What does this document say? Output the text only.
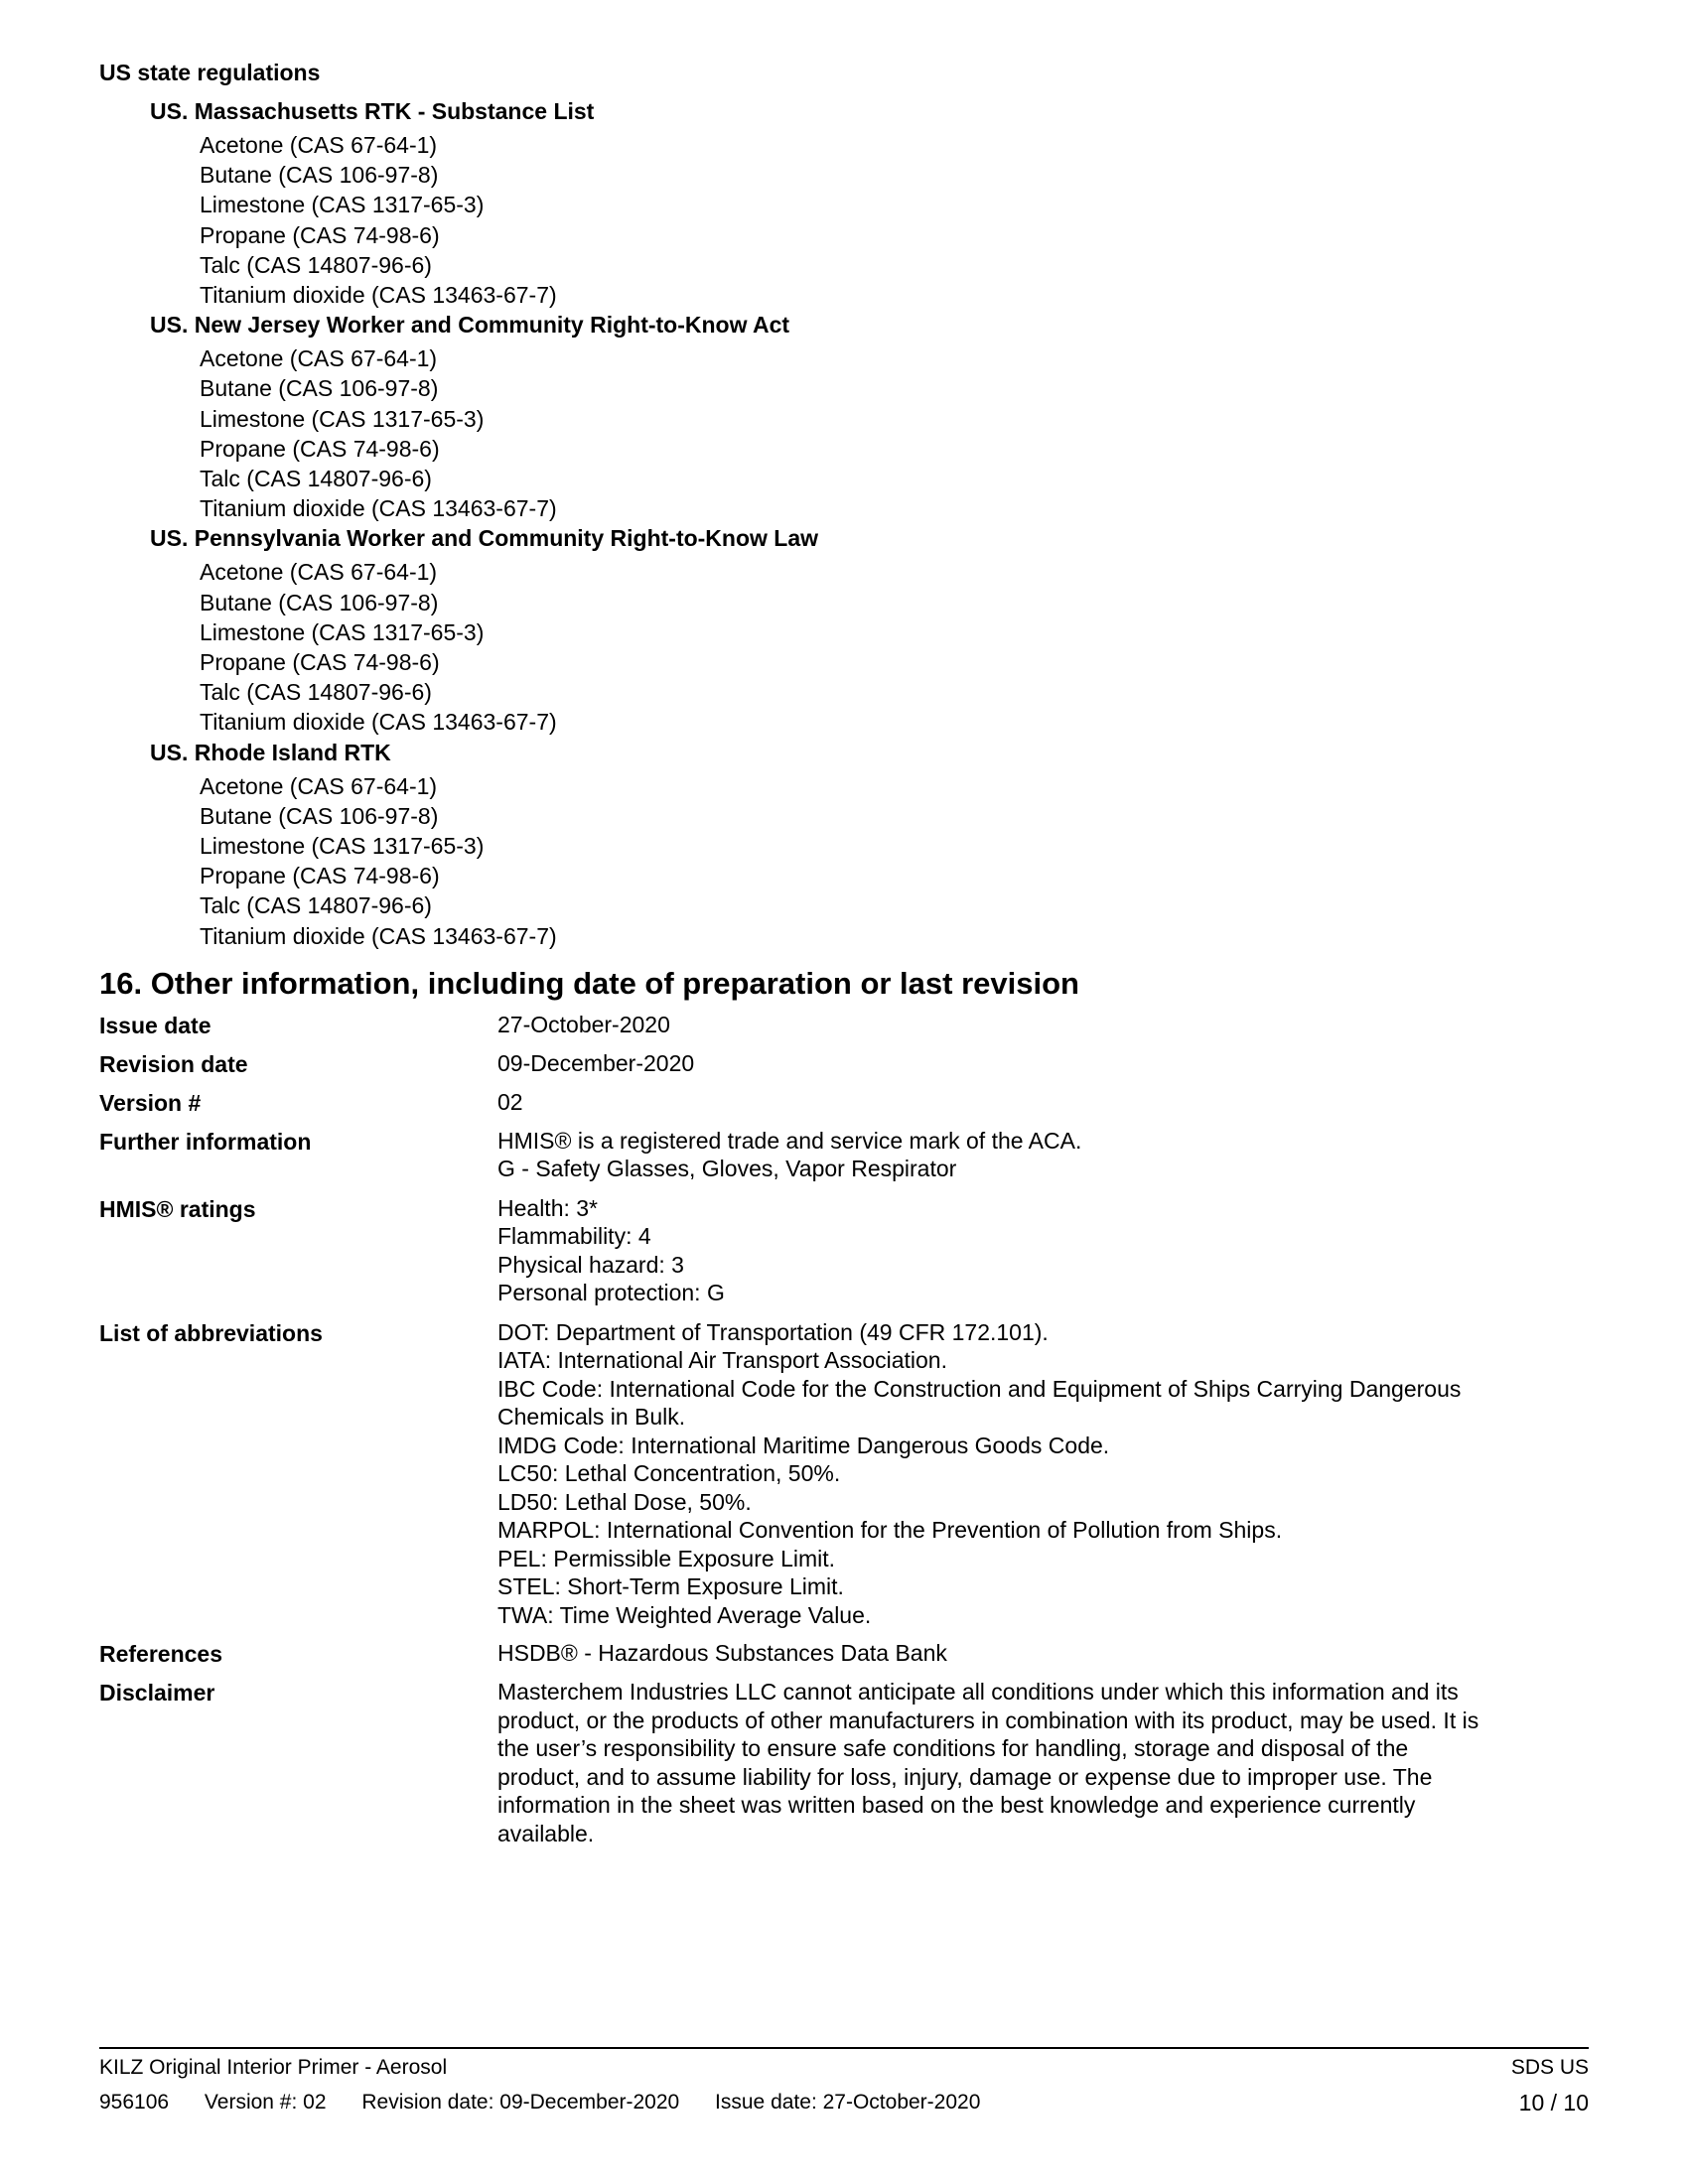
US state regulations
US. Massachusetts RTK - Substance List
Acetone (CAS 67-64-1)
Butane (CAS 106-97-8)
Limestone (CAS 1317-65-3)
Propane (CAS 74-98-6)
Talc (CAS 14807-96-6)
Titanium dioxide (CAS 13463-67-7)
US. New Jersey Worker and Community Right-to-Know Act
Acetone (CAS 67-64-1)
Butane (CAS 106-97-8)
Limestone (CAS 1317-65-3)
Propane (CAS 74-98-6)
Talc (CAS 14807-96-6)
Titanium dioxide (CAS 13463-67-7)
US. Pennsylvania Worker and Community Right-to-Know Law
Acetone (CAS 67-64-1)
Butane (CAS 106-97-8)
Limestone (CAS 1317-65-3)
Propane (CAS 74-98-6)
Talc (CAS 14807-96-6)
Titanium dioxide (CAS 13463-67-7)
US. Rhode Island RTK
Acetone (CAS 67-64-1)
Butane (CAS 106-97-8)
Limestone (CAS 1317-65-3)
Propane (CAS 74-98-6)
Talc (CAS 14807-96-6)
Titanium dioxide (CAS 13463-67-7)
16. Other information, including date of preparation or last revision
Issue date	27-October-2020
Revision date	09-December-2020
Version #	02
Further information	HMIS® is a registered trade and service mark of the ACA.
G - Safety Glasses, Gloves, Vapor Respirator
HMIS® ratings	Health: 3*
Flammability: 4
Physical hazard: 3
Personal protection: G
List of abbreviations	DOT: Department of Transportation (49 CFR 172.101).
IATA: International Air Transport Association.
IBC Code: International Code for the Construction and Equipment of Ships Carrying Dangerous
Chemicals in Bulk.
IMDG Code: International Maritime Dangerous Goods Code.
LC50: Lethal Concentration, 50%.
LD50: Lethal Dose, 50%.
MARPOL: International Convention for the Prevention of Pollution from Ships.
PEL: Permissible Exposure Limit.
STEL: Short-Term Exposure Limit.
TWA: Time Weighted Average Value.
References	HSDB® - Hazardous Substances Data Bank
Disclaimer	Masterchem Industries LLC cannot anticipate all conditions under which this information and its
product, or the products of other manufacturers in combination with its product, may be used. It is
the user’s responsibility to ensure safe conditions for handling, storage and disposal of the
product, and to assume liability for loss, injury, damage or expense due to improper use. The
information in the sheet was written based on the best knowledge and experience currently
available.
KILZ Original Interior Primer - Aerosol	SDS US
956106 Version #: 02 Revision date: 09-December-2020 Issue date: 27-October-2020	10 / 10
